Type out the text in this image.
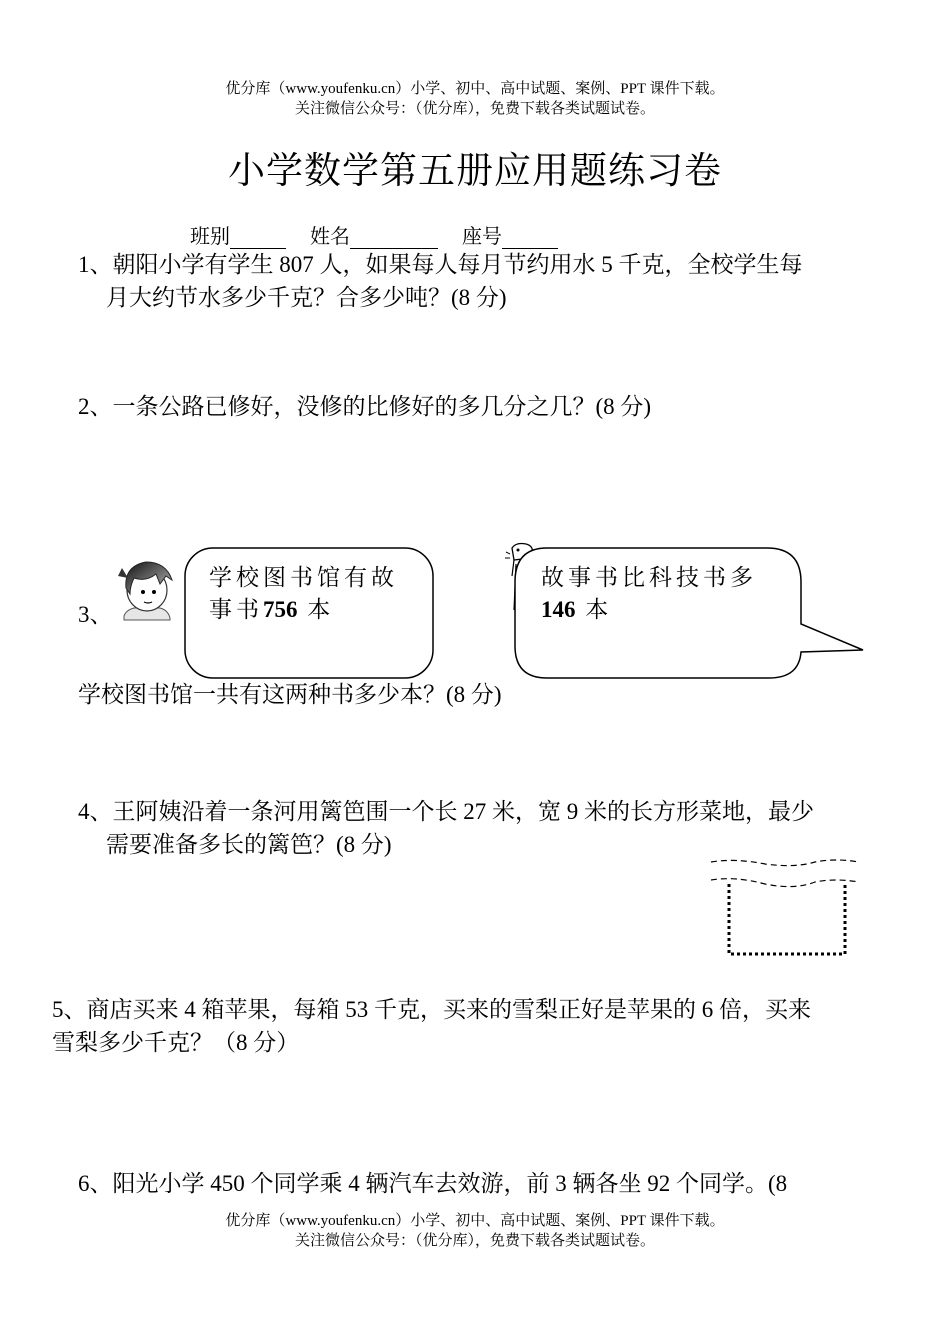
优分库（www.youfenku.cn）小学、初中、高中试题、案例、PPT 课件下载。
关注微信公众号：（优分库），免费下载各类试题试卷。
小学数学第五册应用题练习卷
班别	姓名	座号
1、朝阳小学有学生 807 人，如果每人每月节约用水 5 千克，全校学生每
月大约节水多少千克？合多少吨？(8 分)
2、一条公路已修好，没修的比修好的多几分之几？(8 分)
3、
学校图书馆有故
事书756 本
故事书比科技书多
146 本
学校图书馆一共有这两种书多少本？(8 分)
4、王阿姨沿着一条河用篱笆围一个长 27 米，宽 9 米的长方形菜地，最少
需要准备多长的篱笆？(8 分)
5、商店买来 4 箱苹果，每箱 53 千克，买来的雪梨正好是苹果的 6 倍，买来
雪梨多少千克？（8 分）
6、阳光小学 450 个同学乘 4 辆汽车去效游，前 3 辆各坐 92 个同学。(8
优分库（www.youfenku.cn）小学、初中、高中试题、案例、PPT 课件下载。
关注微信公众号：（优分库），免费下载各类试题试卷。
